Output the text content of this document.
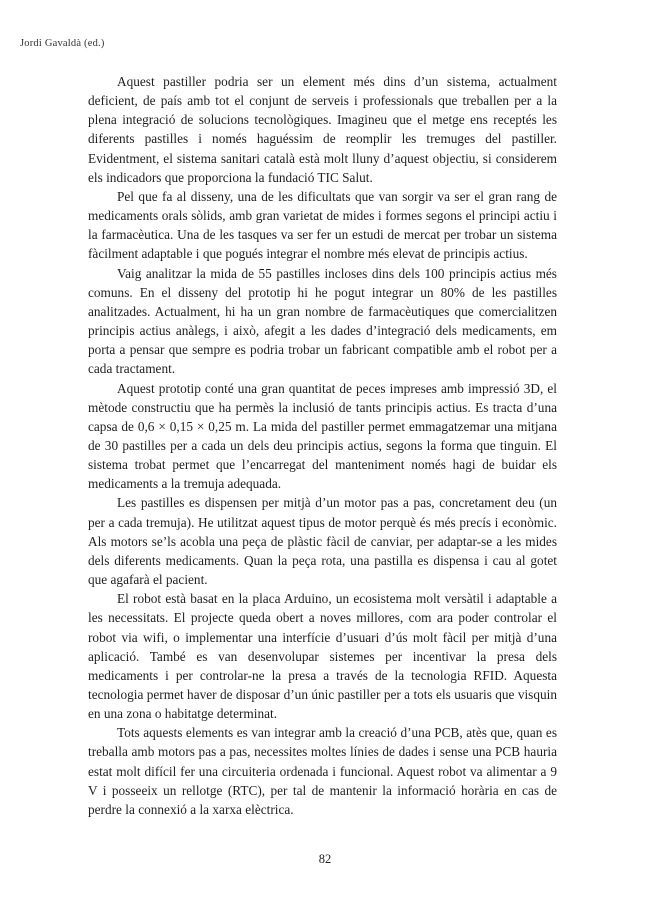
Jordi Gavaldà (ed.)

Aquest pastiller podria ser un element més dins d’un sistema, actualment deficient, de país amb tot el conjunt de serveis i professionals que treballen per a la plena integració de solucions tecnològiques. Imagineu que el metge ens receptés les diferents pastilles i només haguéssim de reomplir les tremuges del pastiller. Evidentment, el sistema sanitari català està molt lluny d’aquest objectiu, si considerem els indicadors que proporciona la fundació TIC Salut.

Pel que fa al disseny, una de les dificultats que van sorgir va ser el gran rang de medicaments orals sòlids, amb gran varietat de mides i formes segons el principi actiu i la farmacèutica. Una de les tasques va ser fer un estudi de mercat per trobar un sistema fàcilment adaptable i que pogués integrar el nombre més elevat de principis actius.

Vaig analitzar la mida de 55 pastilles incloses dins dels 100 principis actius més comuns. En el disseny del prototip hi he pogut integrar un 80% de les pastilles analitzades. Actualment, hi ha un gran nombre de farmacèutiques que comercialitzen principis actius anàlegs, i això, afegit a les dades d’integració dels medicaments, em porta a pensar que sempre es podria trobar un fabricant compatible amb el robot per a cada tractament.

Aquest prototip conté una gran quantitat de peces impreses amb impressió 3D, el mètode constructiu que ha permès la inclusió de tants principis actius. Es tracta d’una capsa de 0,6 × 0,15 × 0,25 m. La mida del pastiller permet emmagatzemar una mitjana de 30 pastilles per a cada un dels deu principis actius, segons la forma que tinguin. El sistema trobat permet que l’encarregat del manteniment només hagi de buidar els medicaments a la tremuja adequada.

Les pastilles es dispensen per mitjà d’un motor pas a pas, concretament deu (un per a cada tremuja). He utilitzat aquest tipus de motor perquè és més precís i econòmic. Als motors se’ls acobla una peça de plàstic fàcil de canviar, per adaptar-se a les mides dels diferents medicaments. Quan la peça rota, una pastilla es dispensa i cau al gotet que agafarà el pacient.

El robot està basat en la placa Arduino, un ecosistema molt versàtil i adaptable a les necessitats. El projecte queda obert a noves millores, com ara poder controlar el robot via wifi, o implementar una interfície d’usuari d’ús molt fàcil per mitjà d’una aplicació. També es van desenvolupar sistemes per incentivar la presa dels medicaments i per controlar-ne la presa a través de la tecnologia RFID. Aquesta tecnologia permet haver de disposar d’un únic pastiller per a tots els usuaris que visquin en una zona o habitatge determinat.

Tots aquests elements es van integrar amb la creació d’una PCB, atès que, quan es treballa amb motors pas a pas, necessites moltes línies de dades i sense una PCB hauria estat molt difícil fer una circuiteria ordenada i funcional. Aquest robot va alimentar a 9 V i posseeix un rellotge (RTC), per tal de mantenir la informació horària en cas de perdre la connexió a la xarxa elèctrica.

82
